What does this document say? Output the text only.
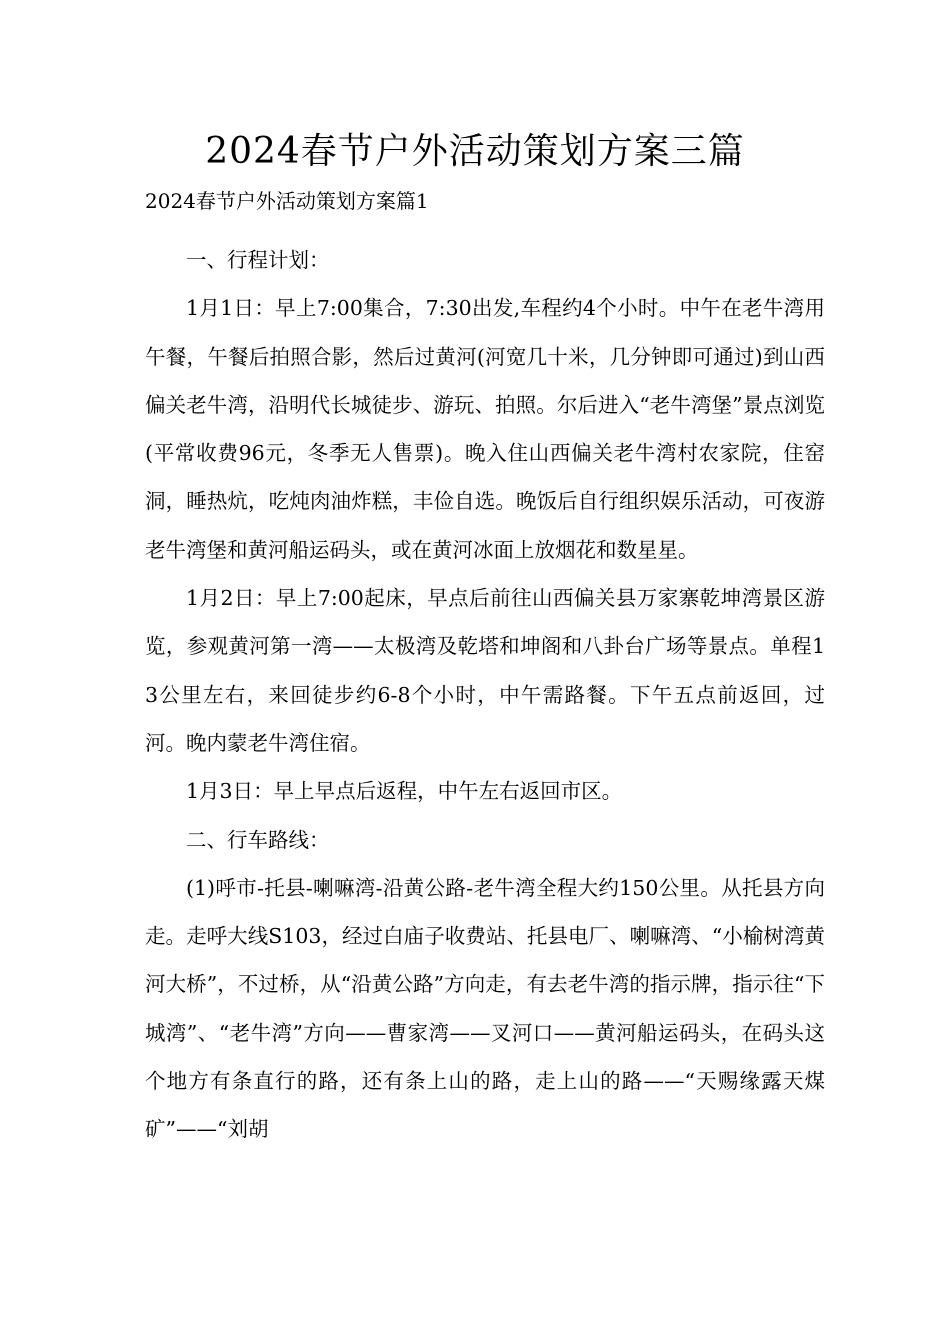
2024春节户外活动策划方案三篇

2024春节户外活动策划方案篇1

一、行程计划：

1月1日：早上7:00集合，7:30出发,车程约4个小时。中午在老牛湾用午餐，午餐后拍照合影，然后过黄河(河宽几十米，几分钟即可通过)到山西偏关老牛湾，沿明代长城徒步、游玩、拍照。尔后进入“老牛湾堡”景点浏览(平常收费96元，冬季无人售票)。晚入住山西偏关老牛湾村农家院，住窑洞，睡热炕，吃炖肉油炸糕，丰俭自选。晚饭后自行组织娱乐活动，可夜游老牛湾堡和黄河船运码头，或在黄河冰面上放烟花和数星星。

1月2日：早上7:00起床，早点后前往山西偏关县万家寨乾坤湾景区游览，参观黄河第一湾——太极湾及乾塔和坤阁和八卦台广场等景点。单程13公里左右，来回徒步约6-8个小时，中午需路餐。下午五点前返回，过河。晚内蒙老牛湾住宿。

1月3日：早上早点后返程，中午左右返回市区。

二、行车路线：

(1)呼市-托县-喇嘛湾-沿黄公路-老牛湾全程大约150公里。从托县方向走。走呼大线S103，经过白庙子收费站、托县电厂、喇嘛湾、“小榆树湾黄河大桥”，不过桥，从“沿黄公路”方向走，有去老牛湾的指示牌，指示往“下城湾”、“老牛湾”方向——曹家湾——叉河口——黄河船运码头，在码头这个地方有条直行的路，还有条上山的路，走上山的路——“天赐缘露天煤矿”——“刘胡
